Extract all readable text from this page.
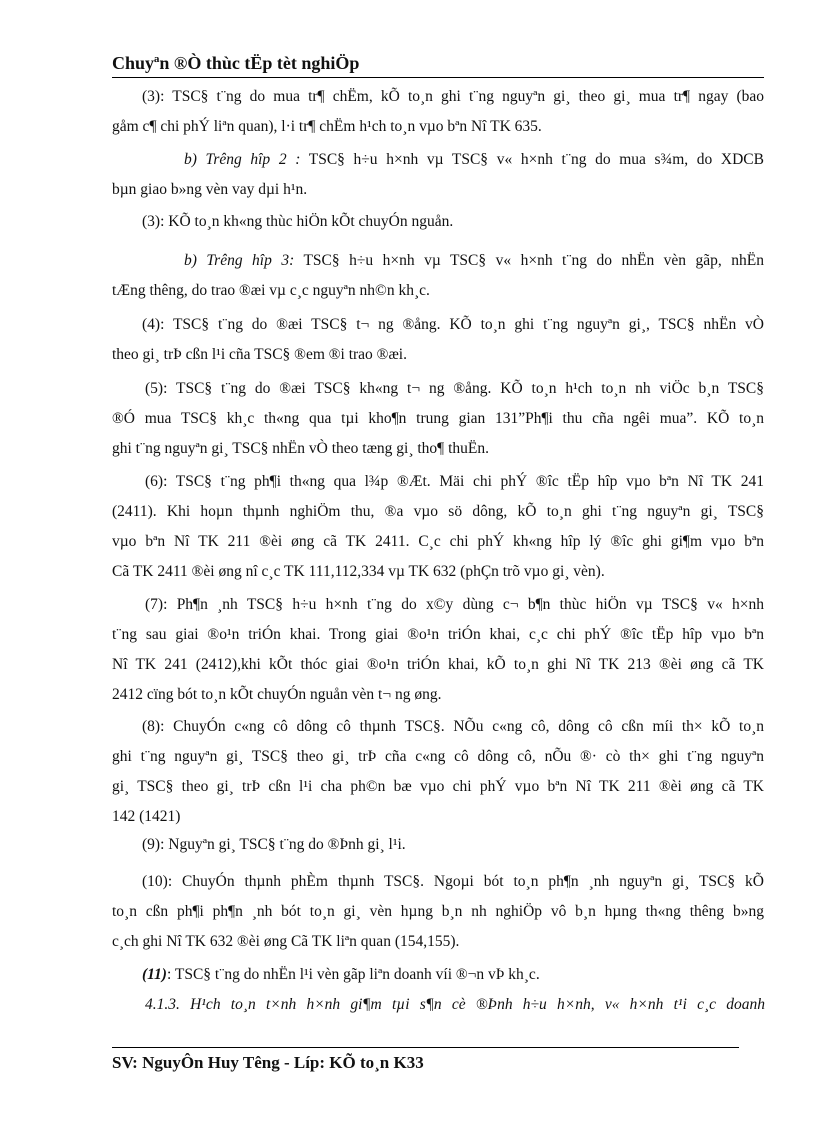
Chuyªn ®Ò thùc tËp tèt nghiÖp
(3): TSC§ t¨ng do mua tr¶ chËm, kÕ to¸n ghi t¨ng nguyªn gi¸ theo gi¸ mua tr¶ ngay (bao
gåm c¶ chi phÝ liªn quan), l·i tr¶ chËm h¹ch to¸n vµo bªn Nî TK 635.
b) Trêng hîp 2 : TSC§ h÷u h×nh vµ TSC§ v« h×nh t¨ng do mua s¾m, do XDCB
bµn giao b»ng vèn vay dµi h¹n.
(3): KÕ to¸n kh«ng thùc hiÖn kÕt chuyÓn nguån.
b) Trêng hîp 3: TSC§ h÷u h×nh vµ TSC§ v« h×nh t¨ng do nhËn vèn gãp, nhËn
tÆng thêng, do trao ®æi vµ c¸c nguyªn nh©n kh¸c.
(4): TSC§ t¨ng do ®æi TSC§ t¬ ng ®ång. KÕ to¸n ghi t¨ng nguyªn gi¸, TSC§ nhËn vÒ
theo gi¸ trÞ cßn l¹i cña TSC§ ®em ®i trao ®æi.
(5): TSC§ t¨ng do ®æi TSC§ kh«ng t¬ ng ®ång. KÕ to¸n h¹ch to¸n nh viÖc b¸n TSC§
®Ó mua TSC§ kh¸c th«ng qua tµi kho¶n trung gian 131”Ph¶i thu cña ngêi mua”. KÕ to¸n
ghi t¨ng nguyªn gi¸ TSC§ nhËn vÒ theo tæng gi¸ tho¶ thuËn.
(6): TSC§ t¨ng ph¶i th«ng qua l¾p ®Æt. Mäi chi phÝ ®îc tËp hîp vµo bªn Nî TK 241
(2411). Khi hoµn thµnh nghiÖm thu, ®a vµo sö dông, kÕ to¸n ghi t¨ng nguyªn gi¸ TSC§
vµo bªn Nî TK 211 ®èi øng cã TK 2411. C¸c chi phÝ kh«ng hîp lý ®îc ghi gi¶m vµo bªn
Cã TK 2411 ®èi øng nî c¸c TK 111,112,334 vµ TK 632 (phÇn trõ vµo gi¸ vèn).
(7): Ph¶n ¸nh TSC§ h÷u h×nh t¨ng do x©y dùng c¬ b¶n thùc hiÖn vµ TSC§ v« h×nh
t¨ng sau giai ®o¹n triÓn khai. Trong giai ®o¹n triÓn khai, c¸c chi phÝ ®îc tËp hîp vµo bªn
Nî TK 241 (2412),khi kÕt thóc giai ®o¹n triÓn khai, kÕ to¸n ghi Nî TK 213 ®èi øng cã TK
2412 cïng bót to¸n kÕt chuyÓn nguån vèn t¬ ng øng.
(8): ChuyÓn c«ng cô dông cô thµnh TSC§. NÕu c«ng cô, dông cô cßn míi th× kÕ to¸n
ghi t¨ng nguyªn gi¸ TSC§ theo gi¸ trÞ cña c«ng cô dông cô, nÕu ®· cò th× ghi t¨ng nguyªn
gi¸ TSC§ theo gi¸ trÞ cßn l¹i cha ph©n bæ vµo chi phÝ vµo bªn Nî TK 211 ®èi øng cã TK
142 (1421)
(9): Nguyªn gi¸ TSC§ t¨ng do ®Þnh gi¸ l¹i.
(10): ChuyÓn thµnh phÈm thµnh TSC§. Ngoµi bót to¸n ph¶n ¸nh nguyªn gi¸ TSC§ kÕ
to¸n cßn ph¶i ph¶n ¸nh bót to¸n gi¸ vèn hµng b¸n nh nghiÖp vô b¸n hµng th«ng thêng b»ng
c¸ch ghi Nî TK 632 ®èi øng Cã TK liªn quan (154,155).
(11): TSC§ t¨ng do nhËn l¹i vèn gãp liªn doanh víi ®¬n vÞ kh¸c.
4.1.3. H¹ch to¸n t×nh h×nh gi¶m tµi s¶n cè ®Þnh h÷u h×nh, v« h×nh t¹i c¸c doanh
SV: NguyÔn Huy Têng - Líp: KÕ to¸n K33
